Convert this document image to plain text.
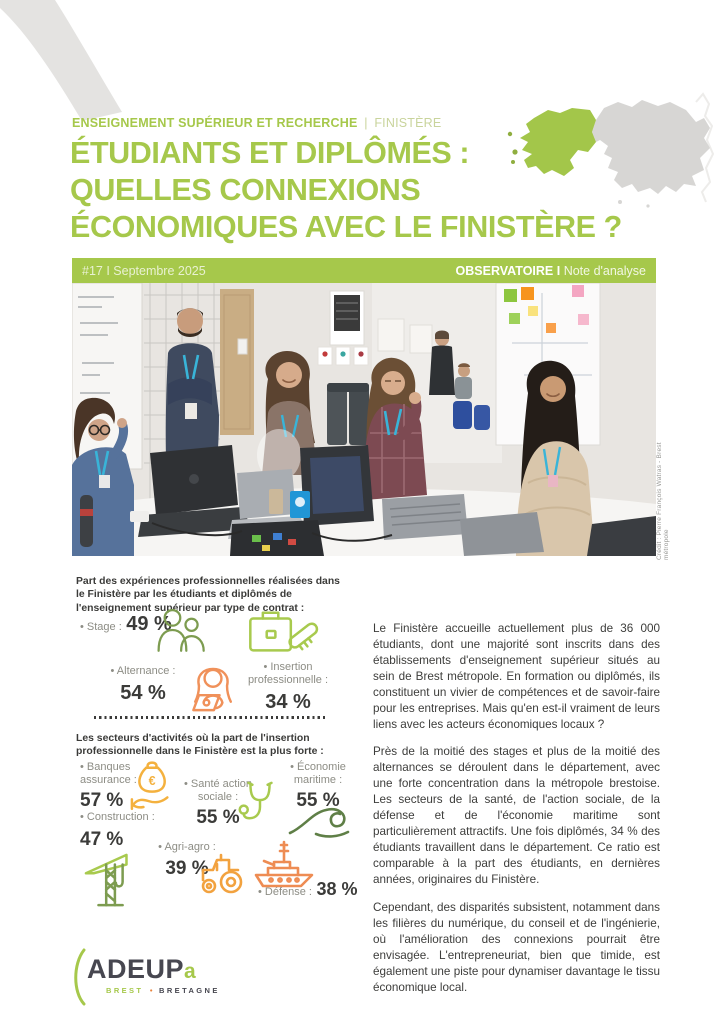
ENSEIGNEMENT SUPÉRIEUR ET RECHERCHE | FINISTÈRE
ÉTUDIANTS ET DIPLÔMÉS :
QUELLES CONNEXIONS
ÉCONOMIQUES AVEC LE FINISTÈRE ?
#17 I Septembre 2025	OBSERVATOIRE I Note d'analyse
Crédit : Pierre François Watras - Brest métropole
Part des expériences professionnelles réalisées dans le Finistère par les étudiants et diplômés de l'enseignement supérieur par type de contrat :
• Stage : 49 %
• Alternance :
54 %
• Insertion professionnelle :
34 %
Les secteurs d'activités où la part de l'insertion professionnelle dans le Finistère est la plus forte :
• Banques assurance :
57 %
€	• Santé action sociale :
55 %
• Économie maritime :
55 %
• Construction :
47 %	• Agri-agro :
39 %
• Défense : 38 %

Le Finistère accueille actuellement plus de 36 000 étudiants, dont une majorité sont inscrits dans des établissements d'enseignement supérieur situés au sein de Brest métropole. En formation ou diplômés, ils constituent un vivier de compétences et de savoir-faire pour les entreprises. Mais qu'en est-il vraiment de leurs liens avec les acteurs économiques locaux ?

Près de la moitié des stages et plus de la moitié des alternances se déroulent dans le département, avec une forte concentration dans la métropole brestoise. Les secteurs de la santé, de l'action sociale, de la défense et de l'économie maritime sont particulièrement attractifs. Une fois diplômés, 34 % des étudiants travaillent dans le département. Ce ratio est comparable à la part des étudiants, en dernières années, originaires du Finistère.

Cependant, des disparités subsistent, notamment dans les filières du numérique, du conseil et de l'ingénierie, où l'amélioration des connexions pourrait être envisagée. L'entrepreneuriat, bien que timide, est également une piste pour dynamiser davantage le tissu économique local.

ADEUPa
BREST • BRETAGNE
